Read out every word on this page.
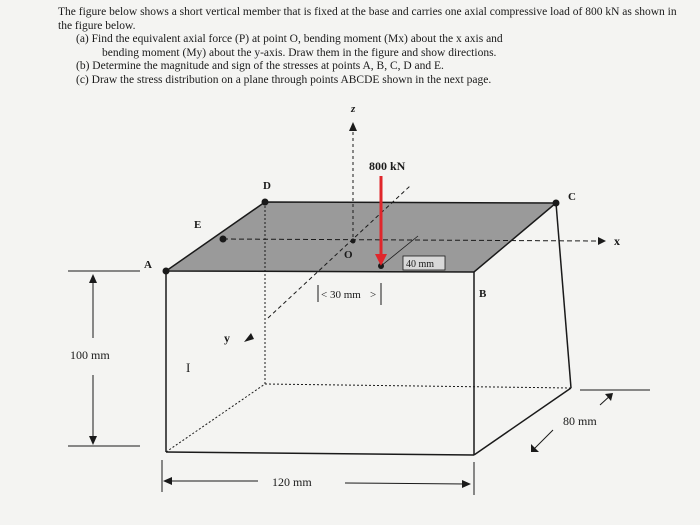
The figure below shows a short vertical member that is fixed at the base and carries one axial compressive load of 800 kN as shown in the figure below.

(a) Find the equivalent axial force (P) at point O, bending moment (Mx) about the x axis and

bending moment (My) about the y-axis. Draw them in the figure and show directions.

(b) Determine the magnitude and sign of the stresses at points A, B, C, D and E.

(c) Draw the stress distribution on a plane through points ABCDE shown in the next page.

z
x
y
800 kN
O
A
B
C
D
E
40 mm
30 mm
<	>
100 mm
120 mm
80 mm
I
